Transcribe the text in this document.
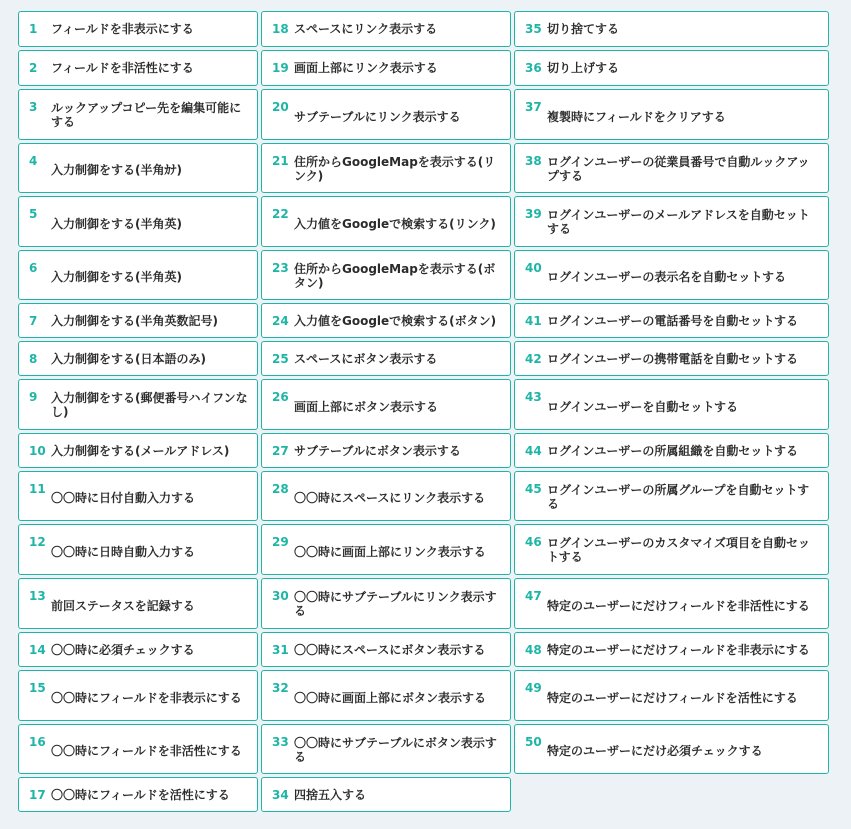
1 フィールドを非表示にする
2 フィールドを非活性にする
3 ルックアップコピー先を編集可能にする
4
入力制御をする(半角ｶﾅ)
5
入力制御をする(半角英)
6
入力制御をする(半角英)
7 入力制御をする(半角英数記号)
8 入力制御をする(日本語のみ)
9 入力制御をする(郵便番号ハイフンなし)
10 入力制御をする(メールアドレス)
11
〇〇時に日付自動入力する
12
〇〇時に日時自動入力する
13
前回ステータスを記録する
14 〇〇時に必須チェックする
15
〇〇時にフィールドを非表示にする
16
〇〇時にフィールドを非活性にする
17 〇〇時にフィールドを活性にする
18 スペースにリンク表示する
19 画面上部にリンク表示する
20
サブテーブルにリンク表示する
21 住所からGoogleMapを表示する(リンク)
22
入力値をGoogleで検索する(リンク)
23 住所からGoogleMapを表示する(ボタン)
24 入力値をGoogleで検索する(ボタン)
25 スペースにボタン表示する
26
画面上部にボタン表示する
27 サブテーブルにボタン表示する
28
〇〇時にスペースにリンク表示する
29
〇〇時に画面上部にリンク表示する
30 〇〇時にサブテーブルにリンク表示する
31 〇〇時にスペースにボタン表示する
32
〇〇時に画面上部にボタン表示する
33 〇〇時にサブテーブルにボタン表示する
34 四捨五入する
35 切り捨てする
36 切り上げする
37
複製時にフィールドをクリアする
38 ログインユーザーの従業員番号で自動ルックアップする
39 ログインユーザーのメールアドレスを自動セットする
40
ログインユーザーの表示名を自動セットする
41 ログインユーザーの電話番号を自動セットする
42 ログインユーザーの携帯電話を自動セットする
43
ログインユーザーを自動セットする
44 ログインユーザーの所属組織を自動セットする
45 ログインユーザーの所属グループを自動セットする
46 ログインユーザーのカスタマイズ項目を自動セットする
47
特定のユーザーにだけフィールドを非活性にする
48 特定のユーザーにだけフィールドを非表示にする
49
特定のユーザーにだけフィールドを活性にする
50
特定のユーザーにだけ必須チェックする
